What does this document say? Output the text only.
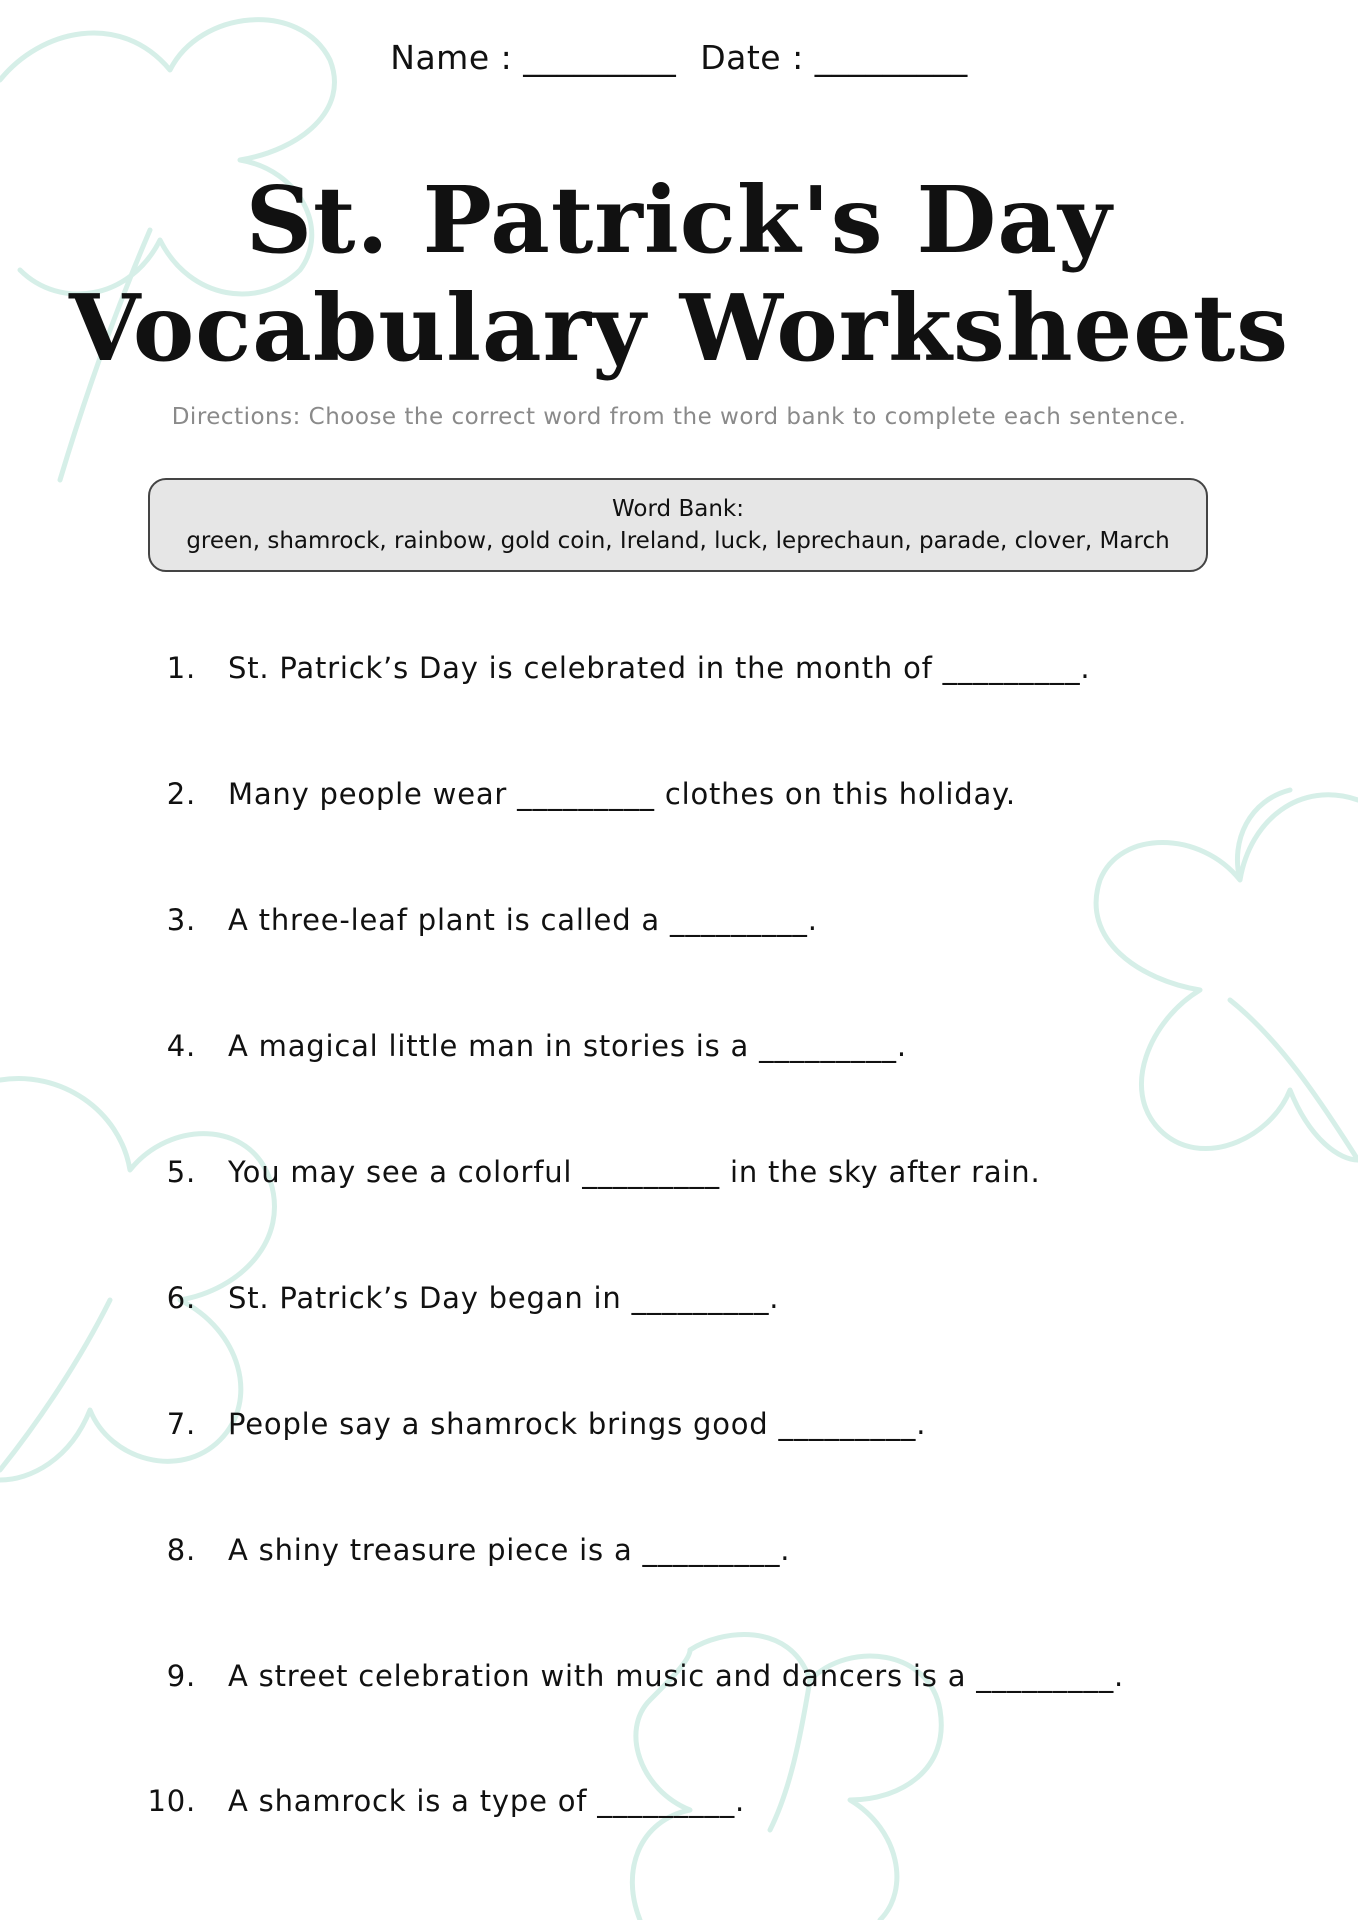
Name : _________ Date : _________
St. Patrick's Day
Vocabulary Worksheets
Directions: Choose the correct word from the word bank to complete each sentence.
Word Bank:
green, shamrock, rainbow, gold coin, Ireland, luck, leprechaun, parade, clover, March
1. St. Patrick’s Day is celebrated in the month of _________.
2. Many people wear _________ clothes on this holiday.
3. A three-leaf plant is called a _________.
4. A magical little man in stories is a _________.
5. You may see a colorful _________ in the sky after rain.
6. St. Patrick’s Day began in _________.
7. People say a shamrock brings good _________.
8. A shiny treasure piece is a _________.
9. A street celebration with music and dancers is a _________.
10. A shamrock is a type of _________.
